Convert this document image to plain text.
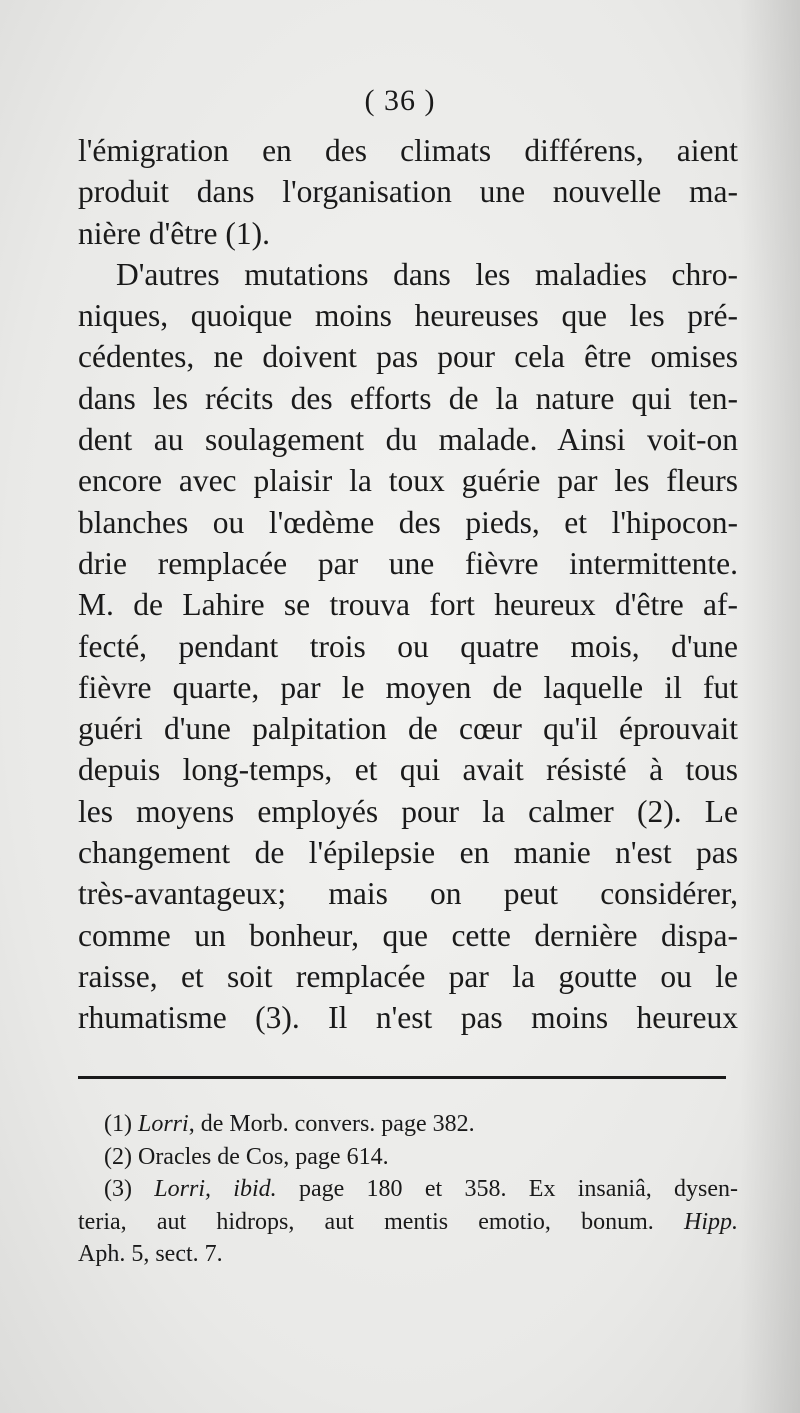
( 36 )
l'émigration en des climats différens, aient
produit dans l'organisation une nouvelle ma-
nière d'être (1).
D'autres mutations dans les maladies chro-
niques, quoique moins heureuses que les pré-
cédentes, ne doivent pas pour cela être omises
dans les récits des efforts de la nature qui ten-
dent au soulagement du malade. Ainsi voit-on
encore avec plaisir la toux guérie par les fleurs
blanches ou l'œdème des pieds, et l'hipocon-
drie remplacée par une fièvre intermittente.
M. de Lahire se trouva fort heureux d'être af-
fecté, pendant trois ou quatre mois, d'une
fièvre quarte, par le moyen de laquelle il fut
guéri d'une palpitation de cœur qu'il éprouvait
depuis long-temps, et qui avait résisté à tous
les moyens employés pour la calmer (2). Le
changement de l'épilepsie en manie n'est pas
très-avantageux; mais on peut considérer,
comme un bonheur, que cette dernière dispa-
raisse, et soit remplacée par la goutte ou le
rhumatisme (3). Il n'est pas moins heureux
(1) Lorri, de Morb. convers. page 382.
(2) Oracles de Cos, page 614.
(3) Lorri, ibid. page 180 et 358. Ex insaniâ, dysen-
teria, aut hidrops, aut mentis emotio, bonum. Hipp.
Aph. 5, sect. 7.
